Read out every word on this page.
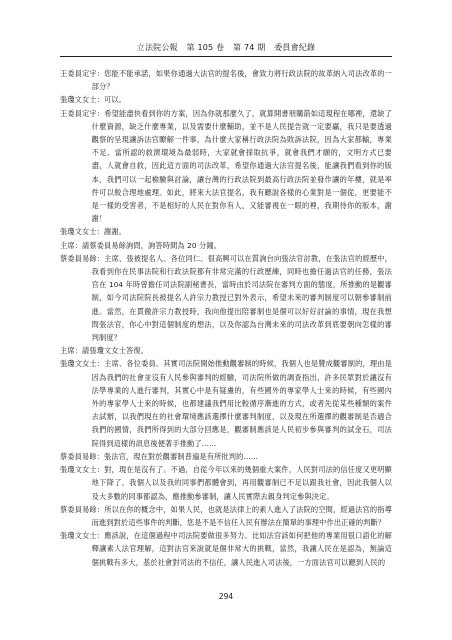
立法院公報 第 105 卷 第 74 期 委員會紀錄

王委員定宇：您能不能承諾，如果你通過大法官的提名後，會致力將行政法院的故革納入司法改革的一部分？

張瓊文女士：可以。

王委員定宇：希望能盡快看到你的方案，因為你就那麼久了，就算開書朋購箭如這現程在哪裡，還缺了什麼資源，缺乏什麼專業，以及需要什麼輔助，並不是人民提告就一定要贏，我只是要透過觀察的呈現讓訴法官瞭解一件事，為什麼大家稱行政法院為敗訴法院，因為大家都輸，專業不足、當所認的救濟環境為最弱時，大家就會採取抗爭，就會我們才願的，文明方式已要盡，人就會自救，因此這方面的司法改革，希望你通過大法官提名後，能讓我們看到你的版本，我們可以一起檢驗與討論，讓台灣的行政法院到最高行政法院並發作讓的年樓，就是率件可以較合理地處理。如此，將來大法官提名，我有聽說各樣的心業對是一個從，更要能不是一樣的受害者，不是相好的人民在對你有人，又能審視在一眼的裡，我期待你的版本，謝謝！

張瓊文女士：謝謝。

主席：請蔡委員易餘詢問，詢答時間為 20 分鐘。

蔡委員易餘：主席、張被提名人、各位同仁。很高興可以在質詢台向張法官討教，在張法官的經歷中，我看到你在民事法院和行政法院都有非常完滿的行政歷練，同時也擔任過法官的任務，張法官在 104 年時曾擔任司法院副秘書長，當時由於司法院在審判方面的態度，所推動的是觀審制，如今司法院院長被提名人許宗力教授已對外表示，希望未來的審判制度可以朝參審制前進。當然，在貫徹許宗力教授時，我向他提出陪審制也是個可以好好討論的事情，現在我想問張法官，你心中對這個制度的想法，以及你認為台灣未來的司法改革到底要朝向怎樣的審判制度？

主席：請張瓊文女士答復。

張瓊文女士：主席、各位委員。其實司法院開始推動觀審制的時候，我個人也是贊成觀審制的，理由是因為我們的社會並沒有人民參與審判的經驗，司法院所做的調查指出，許多民眾對於讓沒有法學專業的人進行審判，其實心中是有疑慮的，有些國外的專家學人士來的時候，有些國內外的專家學人士來的時候，也都建議我們用比較循序漸進的方式，或者先從某些種類的案件去試辦，以我們現在的社會環境應該選擇什麼審判制度，以及現在所選擇的觀審制是否適合我們的國情，我們所得到的大部分回應是，觀審制應該是人民初步參與審判的試金石，司法院得到這樣的訊息後便著手推動了……

蔡委員易餘：張法官，現在對於觀審制普遍是有所批判的……

張瓊文女士：對，現在是沒有了。不過，自從今年以來的幾個重大案件，人民對司法的信任度又更明顯地下降了，我個人以及我的同事們都體會到，再用觀審制已不足以跟我社會，因此我個人以及大多數的同事都認為，應推動參審制，讓人民實際去親身判定參與決定。

蔡委員易餘：所以在你的概念中，如果人民，也就是法律上的素人進入了法院的空間，經過法官的指導而進到對於這些事件的判斷，您是不是不信任人民有辦法在簡單的事理中作出正確的判斷？

張瓊文女士：應該說，在這個過程中司法院要做很多努力。比如法官該如何把他的專業用很口語化的解釋讓素人法官理解，這對法官來說就是個非常大的挑戰，當然，我讓人民在是認為，無論這個挑戰有多大，基於社會對司法的不信任，讓人民進入司法後，一方面法官可以聽到人民的

294
